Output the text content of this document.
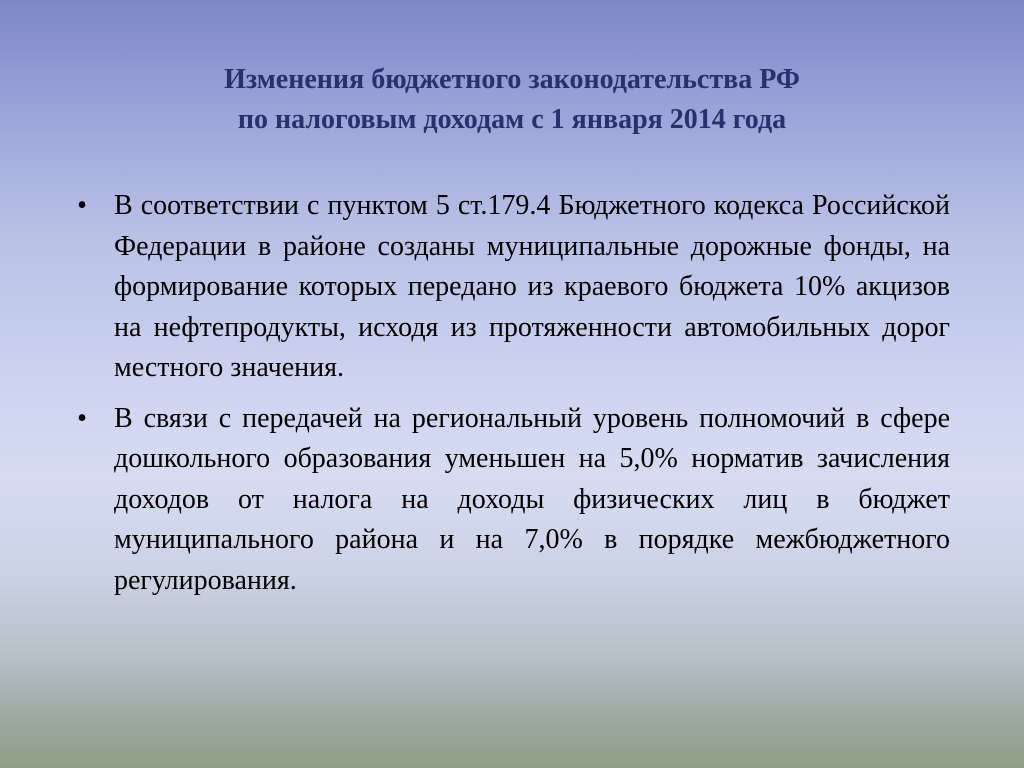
Изменения бюджетного законодательства РФ
по налоговым доходам с 1 января 2014 года
• В соответствии с пунктом 5 ст.179.4 Бюджетного кодекса Российской Федерации в районе созданы муниципальные дорожные фонды, на формирование которых передано из краевого бюджета 10% акцизов на нефтепродукты, исходя из протяженности автомобильных дорог местного значения.
• В связи с передачей на региональный уровень полномочий в сфере дошкольного образования уменьшен на 5,0% норматив зачисления доходов от налога на доходы физических лиц в бюджет муниципального района и на 7,0% в порядке межбюджетного регулирования.
